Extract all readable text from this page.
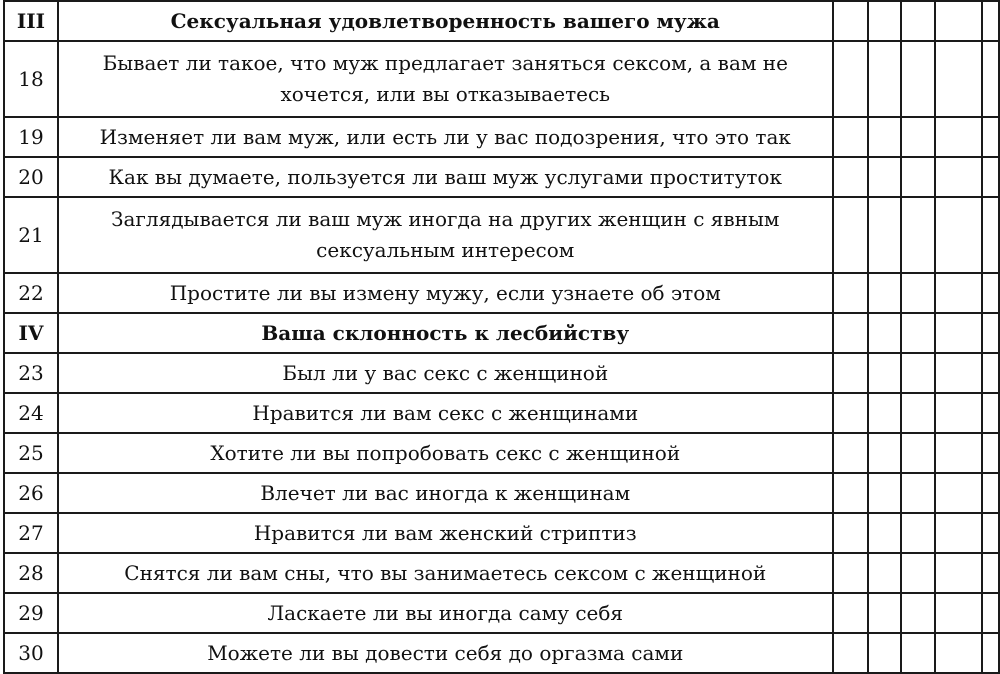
III	Сексуальная удовлетворенность вашего мужа					
18	Бывает ли такое, что муж предлагает заняться сексом, а вам не хочется, или вы отказываетесь					
19	Изменяет ли вам муж, или есть ли у вас подозрения, что это так					
20	Как вы думаете, пользуется ли ваш муж услугами проституток					
21	Заглядывается ли ваш муж иногда на других женщин с явным сексуальным интересом					
22	Простите ли вы измену мужу, если узнаете об этом					
IV	Ваша склонность к лесбийству					
23	Был ли у вас секс с женщиной					
24	Нравится ли вам секс с женщинами					
25	Хотите ли вы попробовать секс с женщиной					
26	Влечет ли вас иногда к женщинам					
27	Нравится ли вам женский стриптиз					
28	Снятся ли вам сны, что вы занимаетесь сексом с женщиной					
29	Ласкаете ли вы иногда саму себя					
30	Можете ли вы довести себя до оргазма сами					
